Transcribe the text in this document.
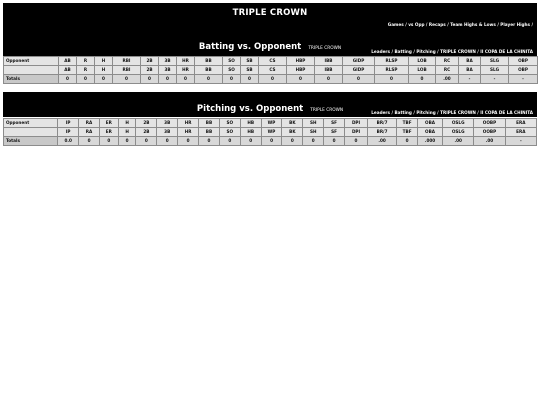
TRIPLE CROWN
Games / vs Opp / Recaps / Team Highs & Lows / Player Highs /
Batting vs. Opponent TRIPLE CROWN
Leaders / Batting / Pitching / TRIPLE CROWN / II COPA DE LA CHINITA
Opponent	AB	R	H	RBI	2B	3B	HR	BB	SO	SB	CS	HBP	IBB	GIDP	RLSP	LOB	RC	BA	SLG	OBP
	AB	R	H	RBI	2B	3B	HR	BB	SO	SB	CS	HBP	IBB	GIDP	RLSP	LOB	RC	BA	SLG	OBP
Totals	0	0	0	0	0	0	0	0	0	0	0	0	0	0	0	0	.00	-	-	-
Pitching vs. Opponent TRIPLE CROWN	Leaders / Batting / Pitching / TRIPLE CROWN / II COPA DE LA CHINITA
Opponent	IP	RA	ER	H	2B	3B	HR	BB	SO	HB	WP	BK	SH	SF	DPI	BR/7	TBF	OBA	OSLG	OOBP	ERA
	IP	RA	ER	H	2B	3B	HR	BB	SO	HB	WP	BK	SH	SF	DPI	BR/7	TBF	OBA	OSLG	OOBP	ERA
Totals	0.0	0	0	0	0	0	0	0	0	0	0	0	0	0	0	.00	0	.000	.00	.00	-
